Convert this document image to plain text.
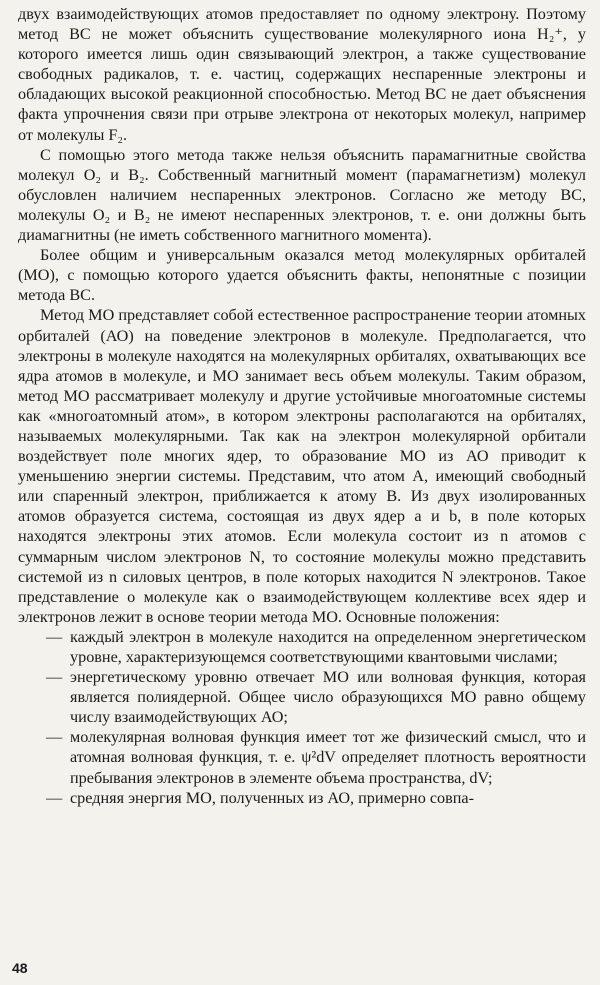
двух взаимодействующих атомов предоставляет по одному электрону. Поэтому метод ВС не может объяснить существование молекулярного иона H₂⁺, у которого имеется лишь один связывающий электрон, а также существование свободных радикалов, т. е. частиц, содержащих неспаренные электроны и обладающих высокой реакционной способностью. Метод ВС не дает объяснения факта упрочнения связи при отрыве электрона от некоторых молекул, например от молекулы F₂.

С помощью этого метода также нельзя объяснить парамагнитные свойства молекул O₂ и B₂. Собственный магнитный момент (парамагнетизм) молекул обусловлен наличием неспаренных электронов. Согласно же методу ВС, молекулы O₂ и B₂ не имеют неспаренных электронов, т. е. они должны быть диамагнитны (не иметь собственного магнитного момента).

Более общим и универсальным оказался метод молекулярных орбиталей (МО), с помощью которого удается объяснить факты, непонятные с позиции метода ВС.

Метод МО представляет собой естественное распространение теории атомных орбиталей (АО) на поведение электронов в молекуле. Предполагается, что электроны в молекуле находятся на молекулярных орбиталях, охватывающих все ядра атомов в молекуле, и МО занимает весь объем молекулы. Таким образом, метод МО рассматривает молекулу и другие устойчивые многоатомные системы как «многоатомный атом», в котором электроны располагаются на орбиталях, называемых молекулярными. Так как на электрон молекулярной орбитали воздействует поле многих ядер, то образование МО из АО приводит к уменьшению энергии системы. Представим, что атом А, имеющий свободный или спаренный электрон, приближается к атому В. Из двух изолированных атомов образуется система, состоящая из двух ядер a и b, в поле которых находятся электроны этих атомов. Если молекула состоит из n атомов с суммарным числом электронов N, то состояние молекулы можно представить системой из n силовых центров, в поле которых находится N электронов. Такое представление о молекуле как о взаимодействующем коллективе всех ядер и электронов лежит в основе теории метода МО. Основные положения:

— каждый электрон в молекуле находится на определенном энергетическом уровне, характеризующемся соответствующими квантовыми числами;

— энергетическому уровню отвечает МО или волновая функция, которая является полиядерной. Общее число образующихся МО равно общему числу взаимодействующих АО;

— молекулярная волновая функция имеет тот же физический смысл, что и атомная волновая функция, т. е. ψ²dV определяет плотность вероятности пребывания электронов в элементе объема пространства, dV;

— средняя энергия МО, полученных из АО, примерно совпа-

48
